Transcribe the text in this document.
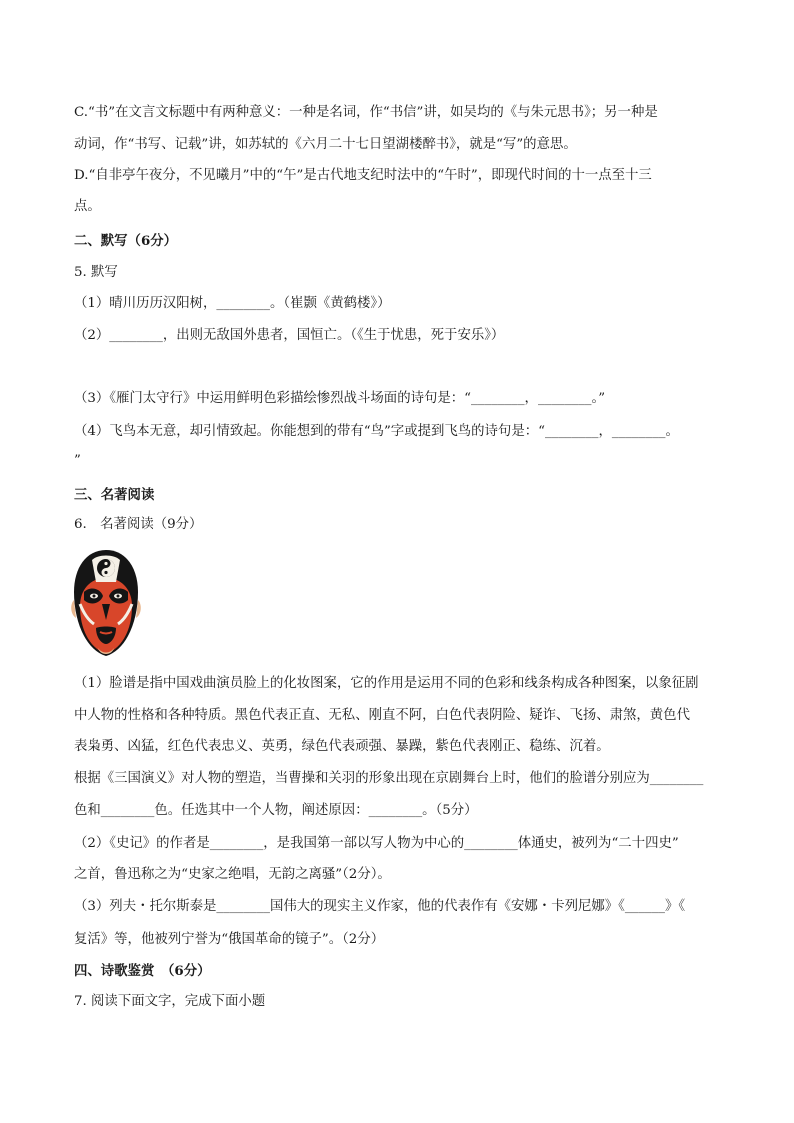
C.“书”在文言文标题中有两种意义：一种是名词，作“书信”讲，如吴均的《与朱元思书》；另一种是
动词，作“书写、记载”讲，如苏轼的《六月二十七日望湖楼醉书》，就是“写”的意思。
D.“自非亭午夜分，不见曦月”中的“午”是古代地支纪时法中的“午时”，即现代时间的十一点至十三
点。
二、默写（6分）
5. 默写
（1）晴川历历汉阳树，________。（崔颢《黄鹤楼》）
（2）________，出则无敌国外患者，国恒亡。（《生于忧患，死于安乐》）
（3）《雁门太守行》中运用鲜明色彩描绘惨烈战斗场面的诗句是：“________，________。”
（4）飞鸟本无意，却引情致起。你能想到的带有“鸟”字或提到飞鸟的诗句是：“________，________。
”
三、名著阅读
6.　名著阅读（9分）
（1）脸谱是指中国戏曲演员脸上的化妆图案，它的作用是运用不同的色彩和线条构成各种图案，以象征剧
中人物的性格和各种特质。黑色代表正直、无私、刚直不阿，白色代表阴险、疑诈、飞扬、肃煞，黄色代
表枭勇、凶猛，红色代表忠义、英勇，绿色代表顽强、暴躁，紫色代表刚正、稳练、沉着。
根据《三国演义》对人物的塑造，当曹操和关羽的形象出现在京剧舞台上时，他们的脸谱分别应为________
色和________色。任选其中一个人物，阐述原因：________。（5分）
（2）《史记》的作者是________，是我国第一部以写人物为中心的________体通史，被列为“二十四史”
之首，鲁迅称之为“史家之绝唱，无韵之离骚”（2分）。
（3）列夫・托尔斯泰是________国伟大的现实主义作家，他的代表作有《安娜・卡列尼娜》《______》《
复活》等，他被列宁誉为“俄国革命的镜子”。（2分）
四、诗歌鉴赏　（6分）
7. 阅读下面文字，完成下面小题
